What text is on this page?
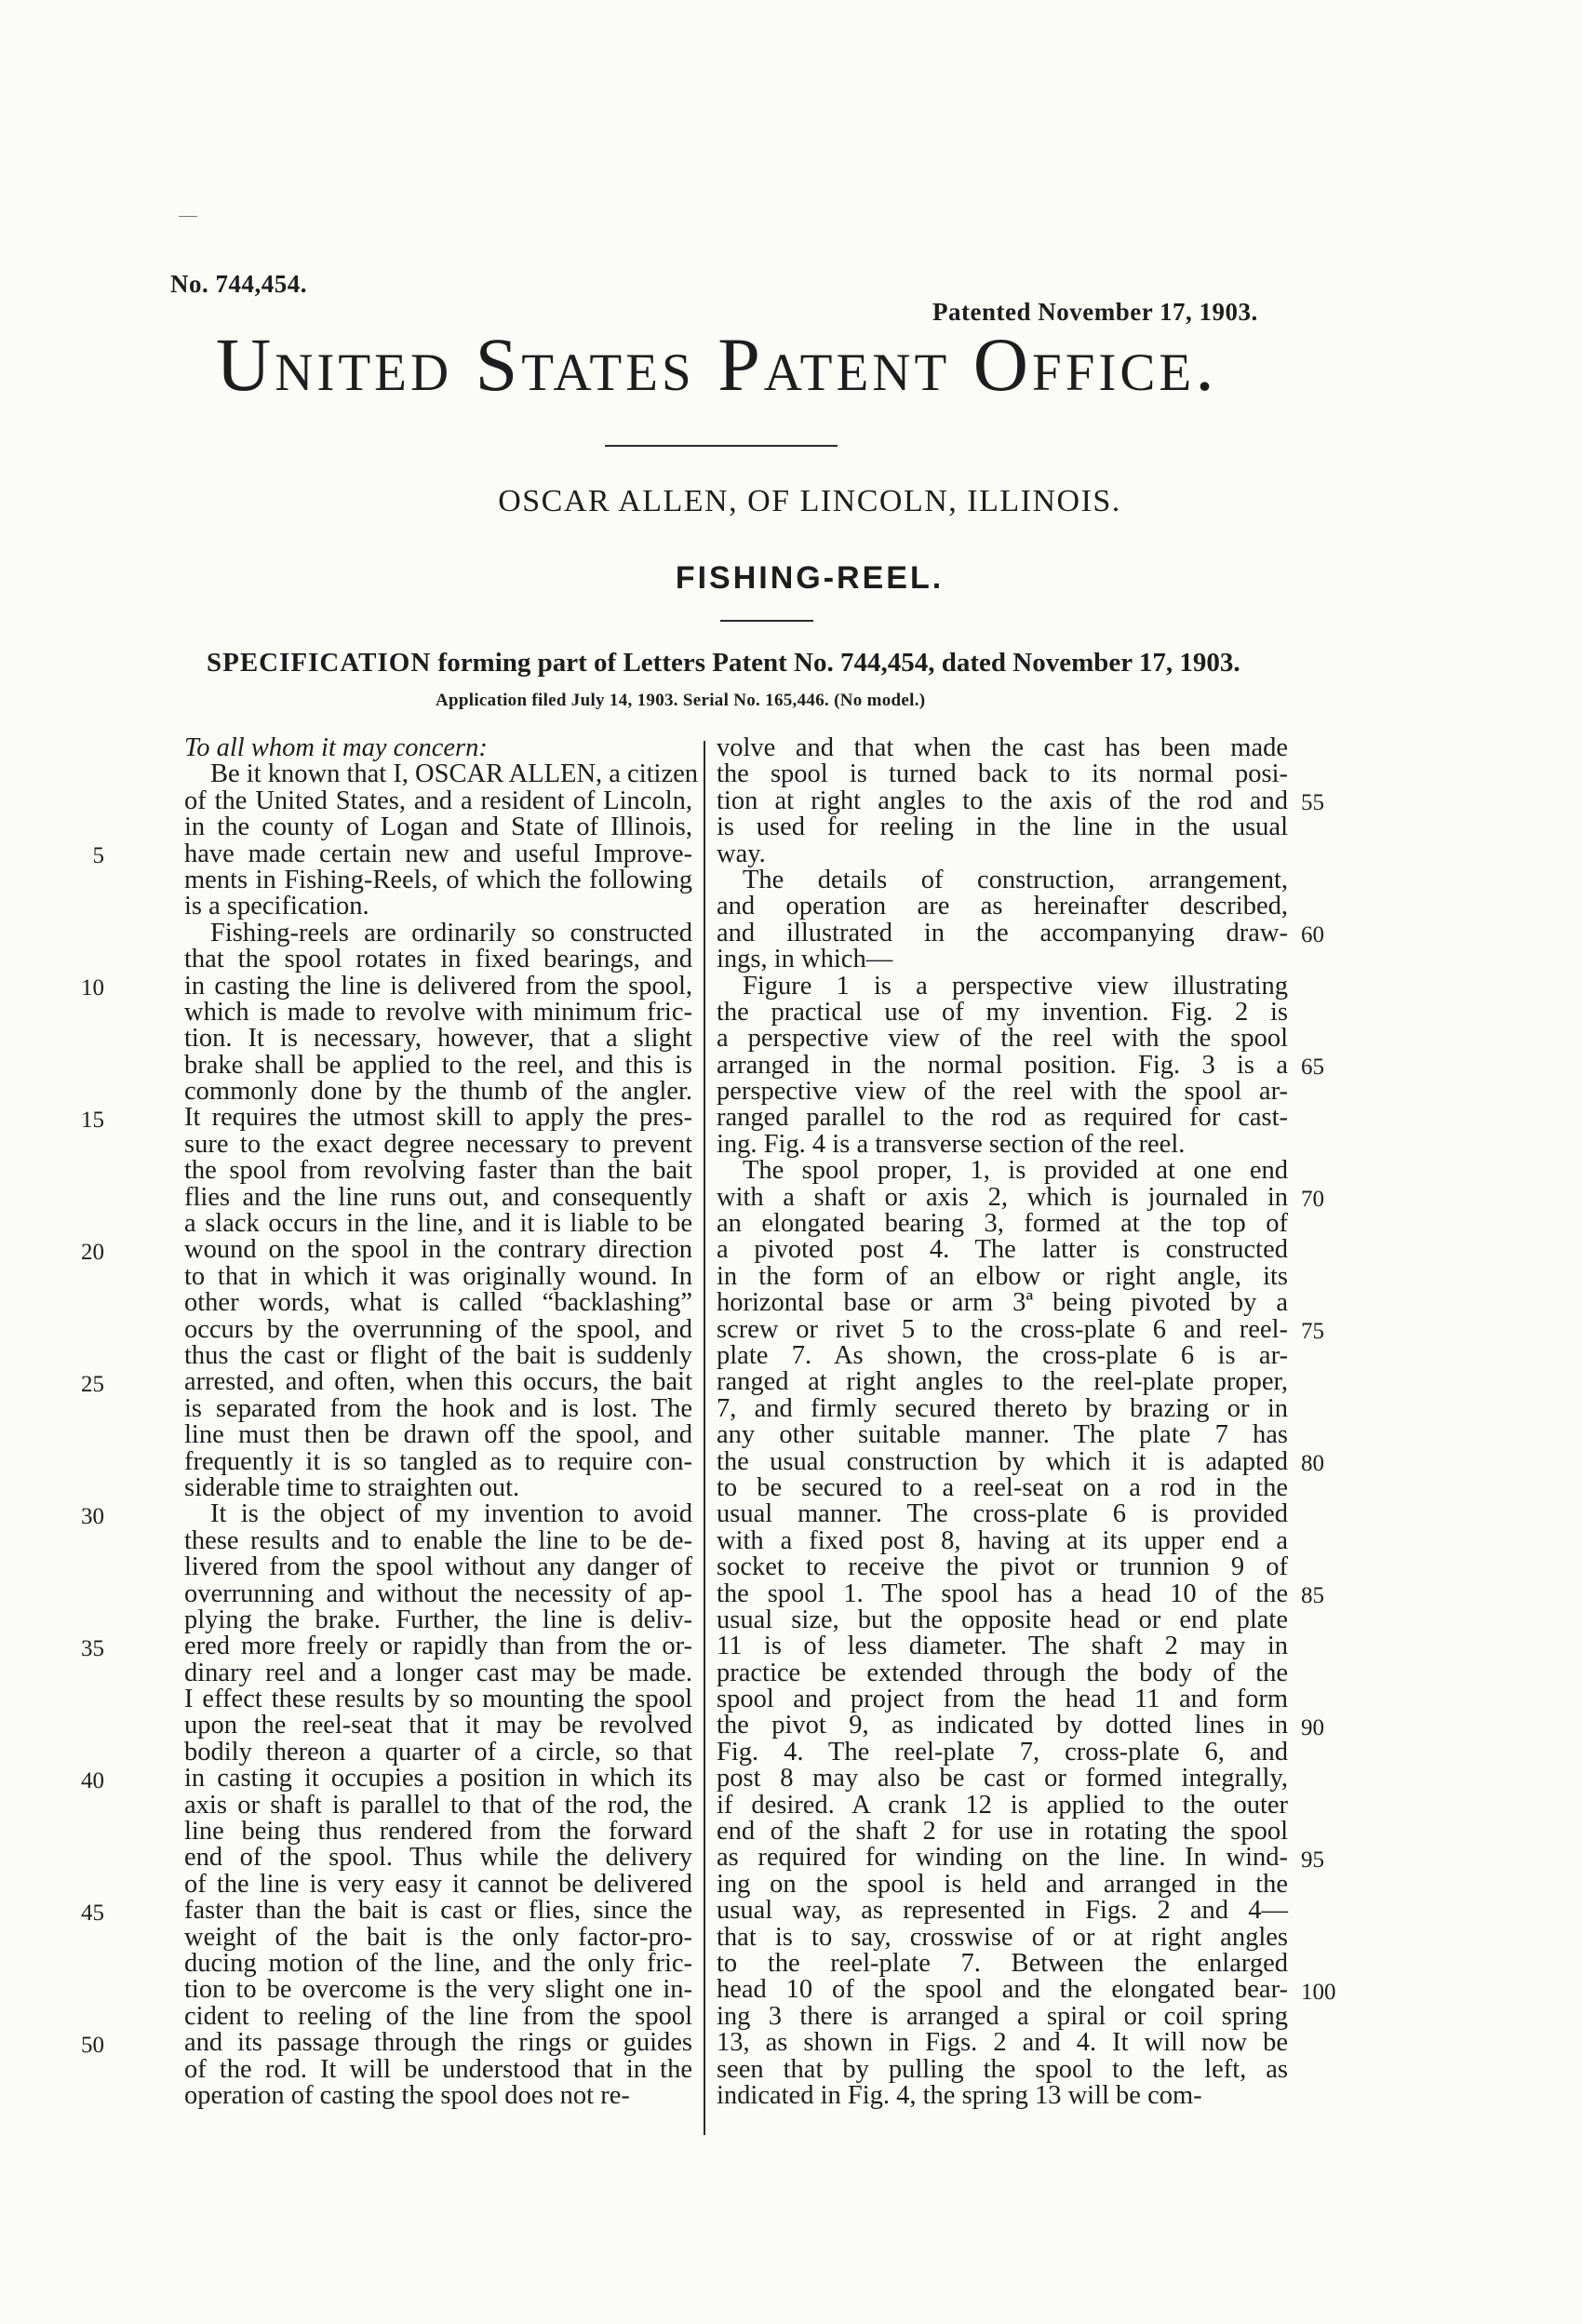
No. 744,454.
Patented November 17, 1903.
United States Patent Office.
OSCAR ALLEN, OF LINCOLN, ILLINOIS.
FISHING-REEL.
SPECIFICATION forming part of Letters Patent No. 744,454, dated November 17, 1903.
Application filed July 14, 1903. Serial No. 165,446. (No model.)
To all whom it may concern:
Be it known that I, OSCAR ALLEN, a citizen
of the United States, and a resident of Lincoln,
in the county of Logan and State of Illinois,
have made certain new and useful Improve-
ments in Fishing-Reels, of which the following
is a specification.
Fishing-reels are ordinarily so constructed
that the spool rotates in fixed bearings, and
in casting the line is delivered from the spool,
which is made to revolve with minimum fric-
tion. It is necessary, however, that a slight
brake shall be applied to the reel, and this is
commonly done by the thumb of the angler.
It requires the utmost skill to apply the pres-
sure to the exact degree necessary to prevent
the spool from revolving faster than the bait
flies and the line runs out, and consequently
a slack occurs in the line, and it is liable to be
wound on the spool in the contrary direction
to that in which it was originally wound. In
other words, what is called “backlashing”
occurs by the overrunning of the spool, and
thus the cast or flight of the bait is suddenly
arrested, and often, when this occurs, the bait
is separated from the hook and is lost. The
line must then be drawn off the spool, and
frequently it is so tangled as to require con-
siderable time to straighten out.
It is the object of my invention to avoid
these results and to enable the line to be de-
livered from the spool without any danger of
overrunning and without the necessity of ap-
plying the brake. Further, the line is deliv-
ered more freely or rapidly than from the or-
dinary reel and a longer cast may be made.
I effect these results by so mounting the spool
upon the reel-seat that it may be revolved
bodily thereon a quarter of a circle, so that
in casting it occupies a position in which its
axis or shaft is parallel to that of the rod, the
line being thus rendered from the forward
end of the spool. Thus while the delivery
of the line is very easy it cannot be delivered
faster than the bait is cast or flies, since the
weight of the bait is the only factor-pro-
ducing motion of the line, and the only fric-
tion to be overcome is the very slight one in-
cident to reeling of the line from the spool
and its passage through the rings or guides
of the rod. It will be understood that in the
operation of casting the spool does not re-
volve and that when the cast has been made
the spool is turned back to its normal posi-
tion at right angles to the axis of the rod and
is used for reeling in the line in the usual
way.
The details of construction, arrangement,
and operation are as hereinafter described,
and illustrated in the accompanying draw-
ings, in which—
Figure 1 is a perspective view illustrating
the practical use of my invention. Fig. 2 is
a perspective view of the reel with the spool
arranged in the normal position. Fig. 3 is a
perspective view of the reel with the spool ar-
ranged parallel to the rod as required for cast-
ing. Fig. 4 is a transverse section of the reel.
The spool proper, 1, is provided at one end
with a shaft or axis 2, which is journaled in
an elongated bearing 3, formed at the top of
a pivoted post 4. The latter is constructed
in the form of an elbow or right angle, its
horizontal base or arm 3ª being pivoted by a
screw or rivet 5 to the cross-plate 6 and reel-
plate 7. As shown, the cross-plate 6 is ar-
ranged at right angles to the reel-plate proper,
7, and firmly secured thereto by brazing or in
any other suitable manner. The plate 7 has
the usual construction by which it is adapted
to be secured to a reel-seat on a rod in the
usual manner. The cross-plate 6 is provided
with a fixed post 8, having at its upper end a
socket to receive the pivot or trunnion 9 of
the spool 1. The spool has a head 10 of the
usual size, but the opposite head or end plate
11 is of less diameter. The shaft 2 may in
practice be extended through the body of the
spool and project from the head 11 and form
the pivot 9, as indicated by dotted lines in
Fig. 4. The reel-plate 7, cross-plate 6, and
post 8 may also be cast or formed integrally,
if desired. A crank 12 is applied to the outer
end of the shaft 2 for use in rotating the spool
as required for winding on the line. In wind-
ing on the spool is held and arranged in the
usual way, as represented in Figs. 2 and 4—
that is to say, crosswise of or at right angles
to the reel-plate 7. Between the enlarged
head 10 of the spool and the elongated bear-
ing 3 there is arranged a spiral or coil spring
13, as shown in Figs. 2 and 4. It will now be
seen that by pulling the spool to the left, as
indicated in Fig. 4, the spring 13 will be com-
5
10
15
20
25
30
35
40
45
50
55
60
65
70
75
80
85
90
95
100
